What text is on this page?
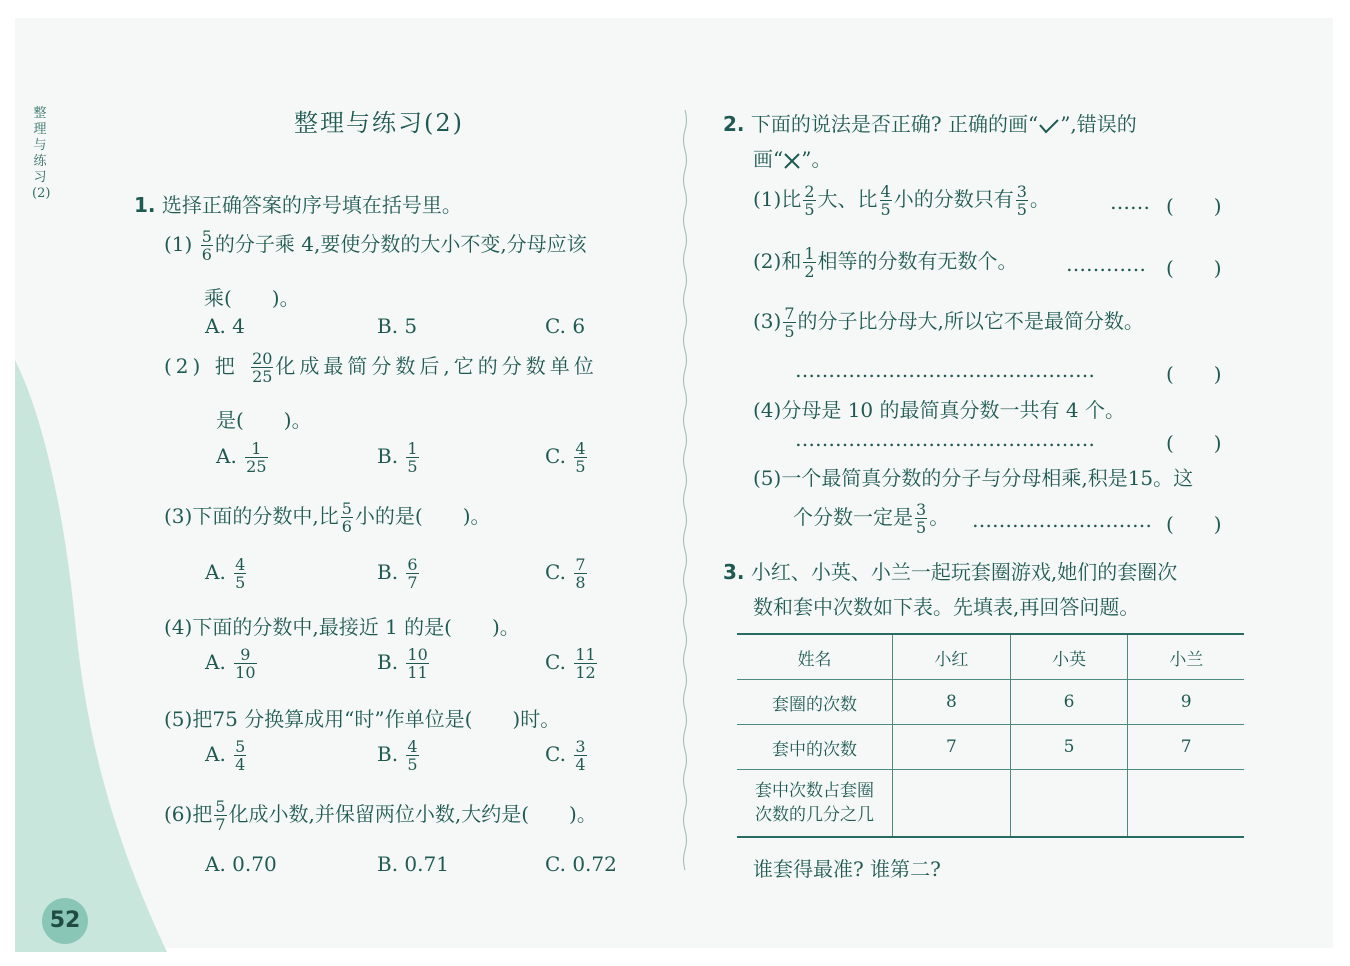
整理与练习(2)
52
整理与练习(2)
1. 选择正确答案的序号填在括号里。
$(1) \frac{5}{6}$ 的分子乘 4,要使分数的大小不变,分母应该
乘(　　)。
A. 4	B. 5	C. 6
(2) 把 $\frac{20}{25}$ 化成最简分数后,它的分数单位
是(　　)。
A. $\frac{1}{25}$	B. $\frac{1}{5}$	C. $\frac{4}{5}$
(3)下面的分数中,比 $\frac{5}{6}$ 小的是(　　)。
A. $\frac{4}{5}$	B. $\frac{6}{7}$	C. $\frac{7}{8}$
(4)下面的分数中,最接近 1 的是(　　)。
A. $\frac{9}{10}$	B. $\frac{10}{11}$	C. $\frac{11}{12}$
(5)把75 分换算成用“时”作单位是(　　)时。
A. $\frac{5}{4}$	B. $\frac{4}{5}$	C. $\frac{3}{4}$
(6)把 $\frac{5}{7}$ 化成小数,并保留两位小数,大约是(　　)。
A. 0.70	B. 0.71	C. 0.72
2. 下面的说法是否正确? 正确的画“ ”,错误的
画“ ”。
(1)比 $\frac{2}{5}$ 大、比 $\frac{4}{5}$ 小的分数只有 $\frac{3}{5}$ 。	…… (　　)
(2)和 $\frac{1}{2}$ 相等的分数有无数个。 ………… (　　)
$(3) \frac{7}{5}$ 的分子比分母大,所以它不是最简分数。
………………………………………	(　　)
(4)分母是 10 的最简真分数一共有 4 个。
………………………………………	(　　)
(5)一个最简真分数的分子与分母相乘,积是15。这
个分数一定是 $\frac{3}{5}$ 。 ……………………… (　　)
3. 小红、小英、小兰一起玩套圈游戏,她们的套圈次
数和套中次数如下表。先填表,再回答问题。
姓名	小红	小英	小兰
套圈的次数	8	6	9
套中的次数	7	5	7

套中次数占套圈
次数的几分之几			

谁套得最准? 谁第二?
